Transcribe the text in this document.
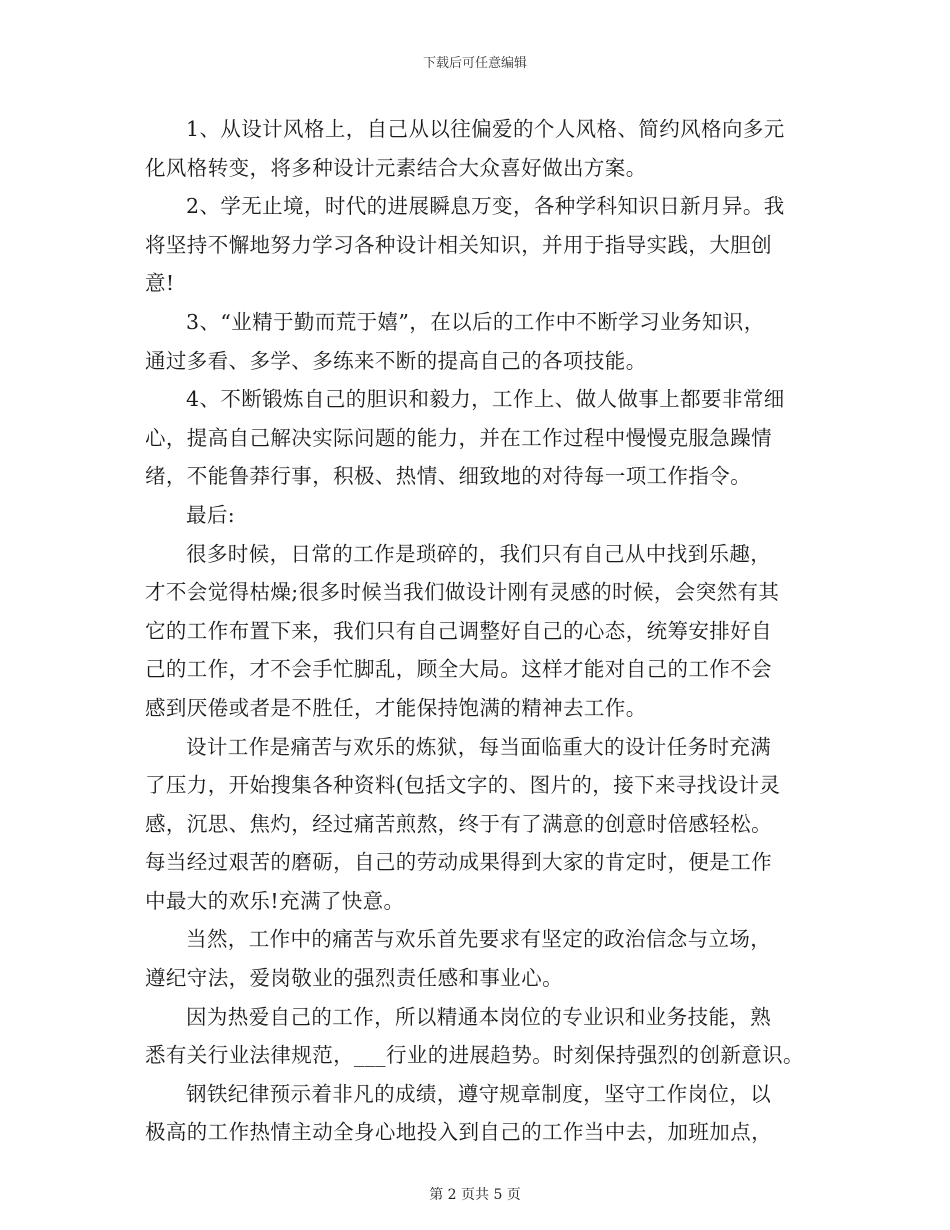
下载后可任意编辑

1、从设计风格上，自己从以往偏爱的个人风格、简约风格向多元
化风格转变，将多种设计元素结合大众喜好做出方案。

2、学无止境，时代的进展瞬息万变，各种学科知识日新月异。我
将坚持不懈地努力学习各种设计相关知识，并用于指导实践，大胆创
意!

3、“业精于勤而荒于嬉”，在以后的工作中不断学习业务知识，
通过多看、多学、多练来不断的提高自己的各项技能。

4、不断锻炼自己的胆识和毅力，工作上、做人做事上都要非常细
心，提高自己解决实际问题的能力，并在工作过程中慢慢克服急躁情
绪，不能鲁莽行事，积极、热情、细致地的对待每一项工作指令。

最后:

很多时候，日常的工作是琐碎的，我们只有自己从中找到乐趣，
才不会觉得枯燥;很多时候当我们做设计刚有灵感的时候，会突然有其
它的工作布置下来，我们只有自己调整好自己的心态，统筹安排好自
己的工作，才不会手忙脚乱，顾全大局。这样才能对自己的工作不会
感到厌倦或者是不胜任，才能保持饱满的精神去工作。

设计工作是痛苦与欢乐的炼狱，每当面临重大的设计任务时充满
了压力，开始搜集各种资料(包括文字的、图片的，接下来寻找设计灵
感，沉思、焦灼，经过痛苦煎熬，终于有了满意的创意时倍感轻松。
每当经过艰苦的磨砺，自己的劳动成果得到大家的肯定时，便是工作
中最大的欢乐!充满了快意。

当然，工作中的痛苦与欢乐首先要求有坚定的政治信念与立场，
遵纪守法，爱岗敬业的强烈责任感和事业心。

因为热爱自己的工作，所以精通本岗位的专业识和业务技能，熟
悉有关行业法律规范，___行业的进展趋势。时刻保持强烈的创新意识。

钢铁纪律预示着非凡的成绩，遵守规章制度，坚守工作岗位，以
极高的工作热情主动全身心地投入到自己的工作当中去，加班加点，

第 2 页共 5 页
